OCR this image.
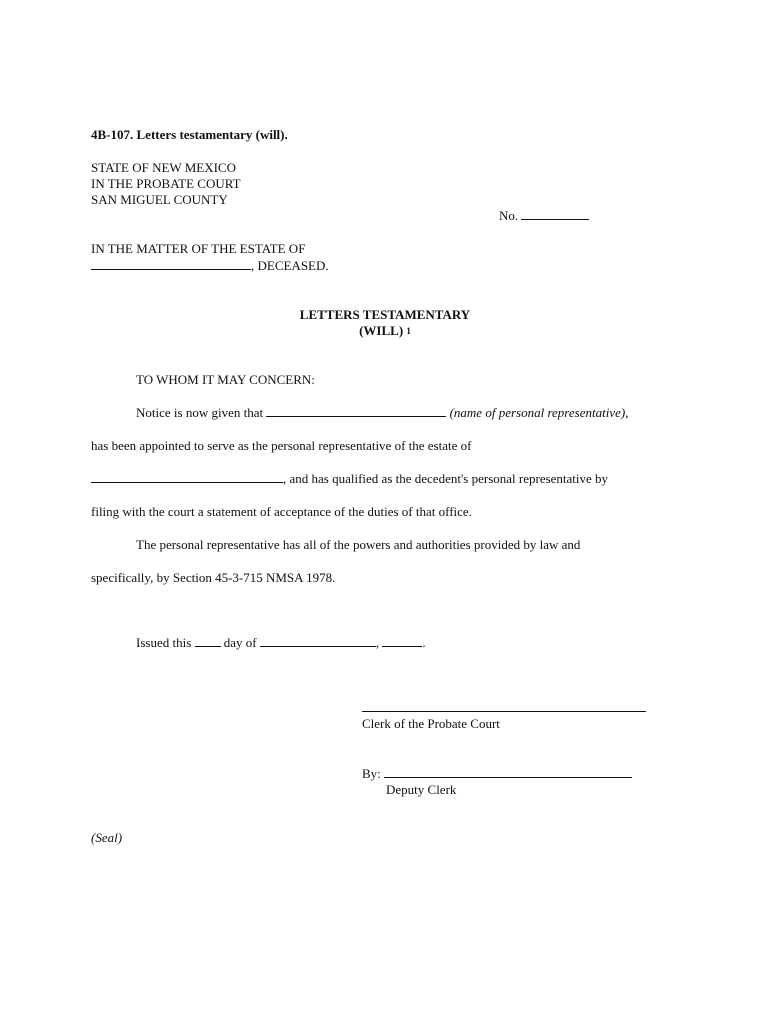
4B-107. Letters testamentary (will).
STATE OF NEW MEXICO
IN THE PROBATE COURT
SAN MIGUEL COUNTY
No.
IN THE MATTER OF THE ESTATE OF
, DECEASED.
LETTERS TESTAMENTARY
(WILL) 1
TO WHOM IT MAY CONCERN:
Notice is now given that	(name of personal representative),
has been appointed to serve as the personal representative of the estate of
, and has qualified as the decedent's personal representative by
filing with the court a statement of acceptance of the duties of that office.
The personal representative has all of the powers and authorities provided by law and
specifically, by Section 45-3-715 NMSA 1978.
Issued this	day of	,	.
Clerk of the Probate Court
By:
Deputy Clerk
(Seal)
